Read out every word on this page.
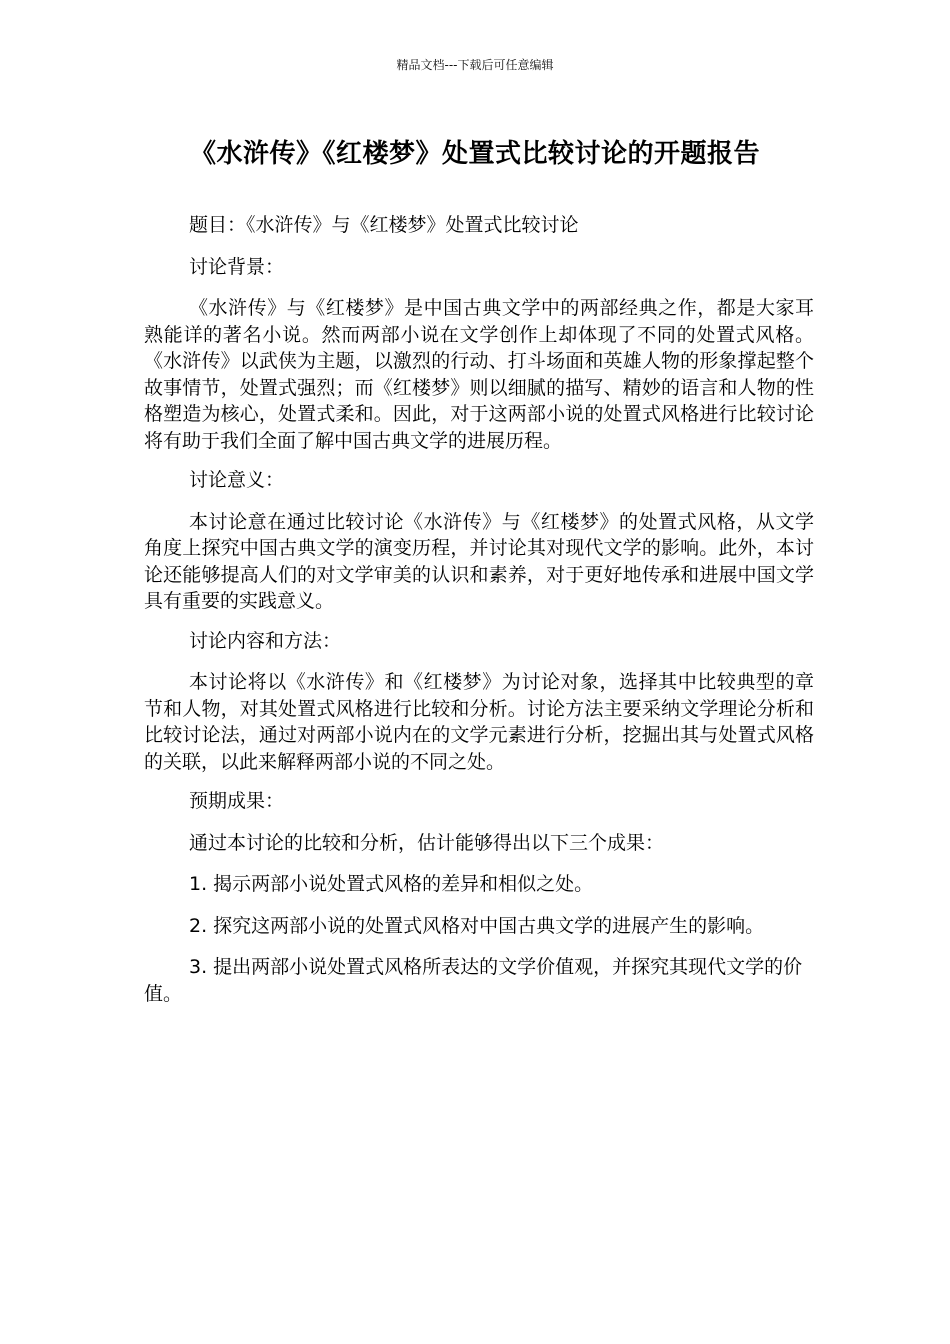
精品文档---下载后可任意编辑
《水浒传》《红楼梦》处置式比较讨论的开题报告

题目：《水浒传》与《红楼梦》处置式比较讨论

讨论背景：

《水浒传》与《红楼梦》是中国古典文学中的两部经典之作，都是大家耳熟能详的著名小说。然而两部小说在文学创作上却体现了不同的处置式风格。《水浒传》以武侠为主题，以激烈的行动、打斗场面和英雄人物的形象撑起整个故事情节，处置式强烈；而《红楼梦》则以细腻的描写、精妙的语言和人物的性格塑造为核心，处置式柔和。因此，对于这两部小说的处置式风格进行比较讨论将有助于我们全面了解中国古典文学的进展历程。

讨论意义：

本讨论意在通过比较讨论《水浒传》与《红楼梦》的处置式风格，从文学角度上探究中国古典文学的演变历程，并讨论其对现代文学的影响。此外，本讨论还能够提高人们的对文学审美的认识和素养，对于更好地传承和进展中国文学具有重要的实践意义。

讨论内容和方法：

本讨论将以《水浒传》和《红楼梦》为讨论对象，选择其中比较典型的章节和人物，对其处置式风格进行比较和分析。讨论方法主要采纳文学理论分析和比较讨论法，通过对两部小说内在的文学元素进行分析，挖掘出其与处置式风格的关联，以此来解释两部小说的不同之处。

预期成果：

通过本讨论的比较和分析，估计能够得出以下三个成果：

1. 揭示两部小说处置式风格的差异和相似之处。

2. 探究这两部小说的处置式风格对中国古典文学的进展产生的影响。

3. 提出两部小说处置式风格所表达的文学价值观，并探究其现代文学的价值。
